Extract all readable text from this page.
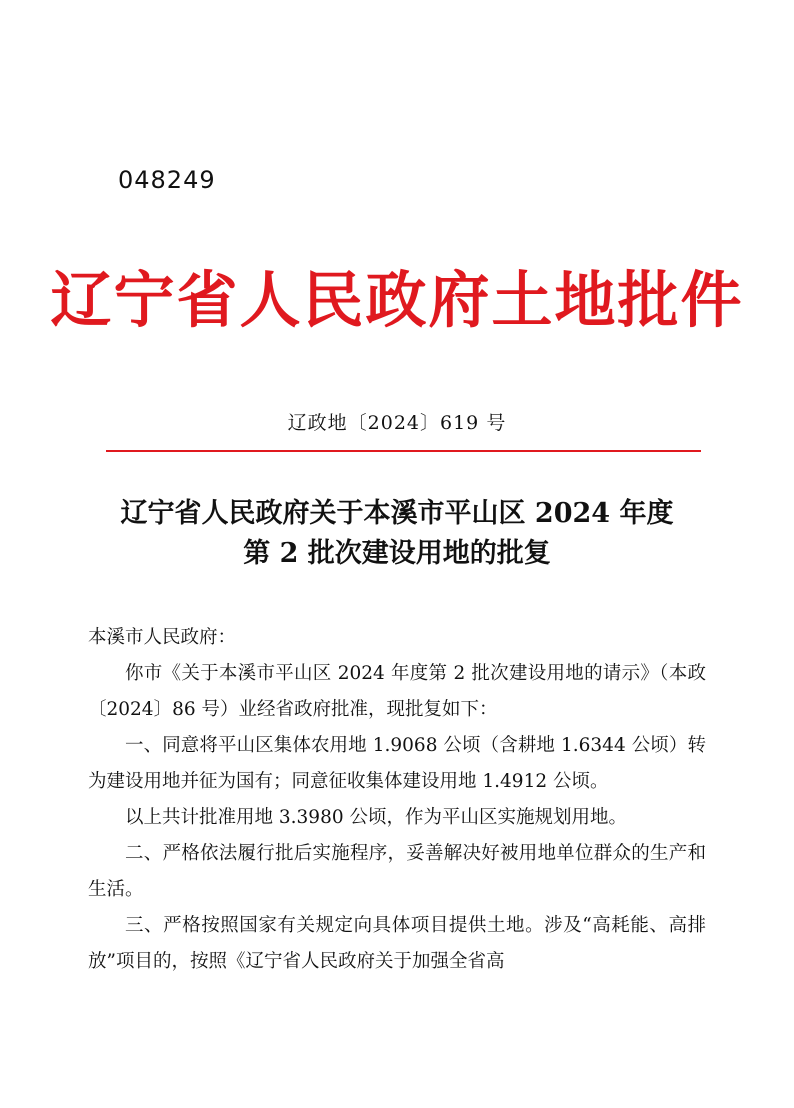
048249
辽宁省人民政府土地批件
辽政地〔2024〕619 号
辽宁省人民政府关于本溪市平山区 2024 年度
第 2 批次建设用地的批复

本溪市人民政府：

你市《关于本溪市平山区 2024 年度第 2 批次建设用地的请示》（本政〔2024〕86 号）业经省政府批准，现批复如下：

一、同意将平山区集体农用地 1.9068 公顷（含耕地 1.6344 公顷）转为建设用地并征为国有；同意征收集体建设用地 1.4912 公顷。

以上共计批准用地 3.3980 公顷，作为平山区实施规划用地。

二、严格依法履行批后实施程序，妥善解决好被用地单位群众的生产和生活。

三、严格按照国家有关规定向具体项目提供土地。涉及“高耗能、高排放”项目的，按照《辽宁省人民政府关于加强全省高
